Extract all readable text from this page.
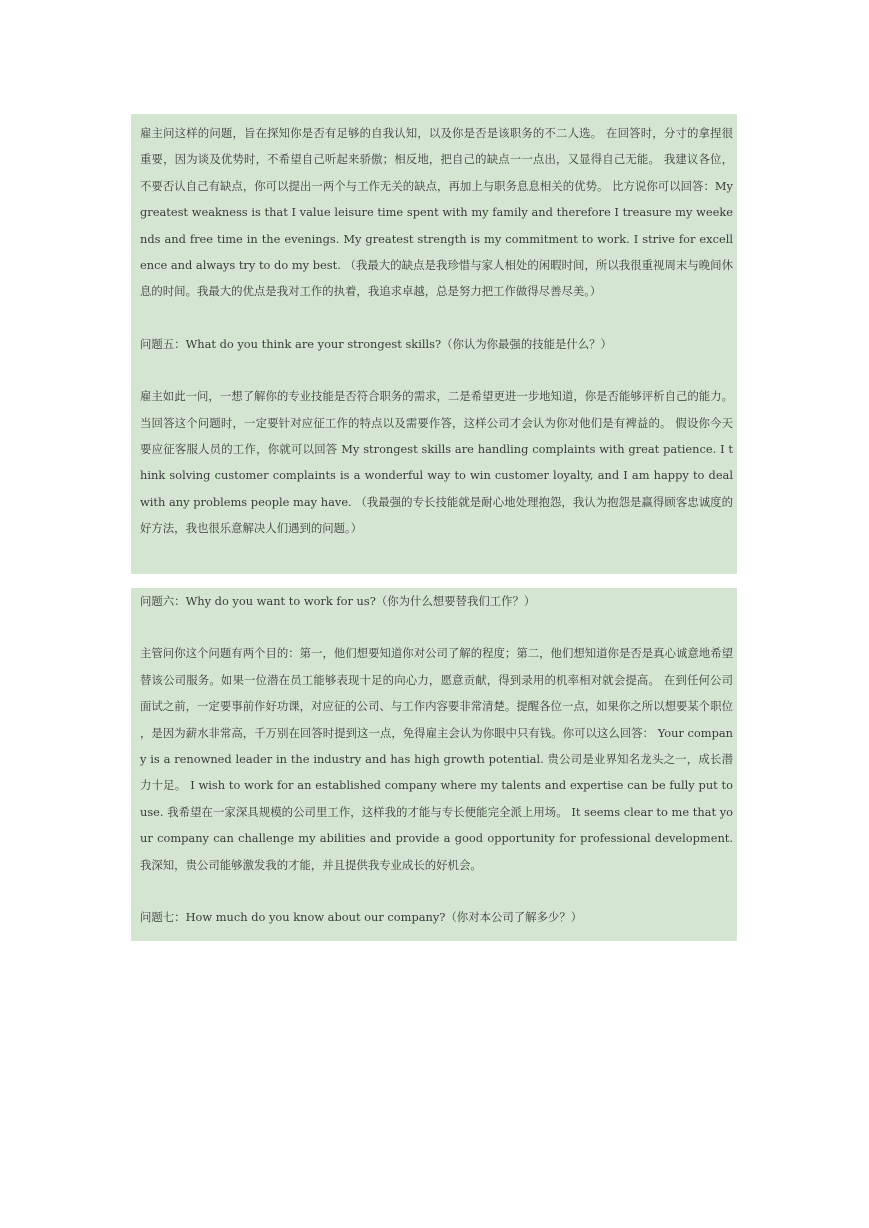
雇主问这样的问题，旨在探知你是否有足够的自我认知，以及你是否是该职务的不二人选。 在回答时，分寸的拿捏很重要，因为谈及优势时，不希望自己听起来骄傲；相反地，把自己的缺点一一点出，又显得自己无能。 我建议各位，不要否认自己有缺点，你可以提出一两个与工作无关的缺点，再加上与职务息息相关的优势。 比方说你可以回答：My greatest weakness is that I value leisure time spent with my family and therefore I treasure my weekends and free time in the evenings. My greatest strength is my commitment to work. I strive for excellence and always try to do my best. （我最大的缺点是我珍惜与家人相处的闲暇时间，所以我很重视周末与晚间休息的时间。我最大的优点是我对工作的执着，我追求卓越，总是努力把工作做得尽善尽美。）

问题五：What do you think are your strongest skills?（你认为你最强的技能是什么？）

雇主如此一问，一想了解你的专业技能是否符合职务的需求，二是希望更进一步地知道，你是否能够评析自己的能力。当回答这个问题时，一定要针对应征工作的特点以及需要作答，这样公司才会认为你对他们是有裨益的。 假设你今天要应征客服人员的工作，你就可以回答 My strongest skills are handling complaints with great patience. I think solving customer complaints is a wonderful way to win customer loyalty, and I am happy to deal with any problems people may have. （我最强的专长技能就是耐心地处理抱怨，我认为抱怨是赢得顾客忠诚度的好方法，我也很乐意解决人们遇到的问题。）

问题六：Why do you want to work for us?（你为什么想要替我们工作？）

主管问你这个问题有两个目的：第一，他们想要知道你对公司了解的程度；第二，他们想知道你是否是真心诚意地希望替该公司服务。如果一位潜在员工能够表现十足的向心力，愿意贡献，得到录用的机率相对就会提高。 在到任何公司面试之前，一定要事前作好功课，对应征的公司、与工作内容要非常清楚。提醒各位一点，如果你之所以想要某个职位，是因为薪水非常高，千万别在回答时提到这一点，免得雇主会认为你眼中只有钱。你可以这么回答： Your company is a renowned leader in the industry and has high growth potential. 贵公司是业界知名龙头之一，成长潜力十足。 I wish to work for an established company where my talents and expertise can be fully put to use. 我希望在一家深具规模的公司里工作，这样我的才能与专长便能完全派上用场。 It seems clear to me that your company can challenge my abilities and provide a good opportunity for professional development. 我深知，贵公司能够激发我的才能，并且提供我专业成长的好机会。

问题七：How much do you know about our company?（你对本公司了解多少？）
